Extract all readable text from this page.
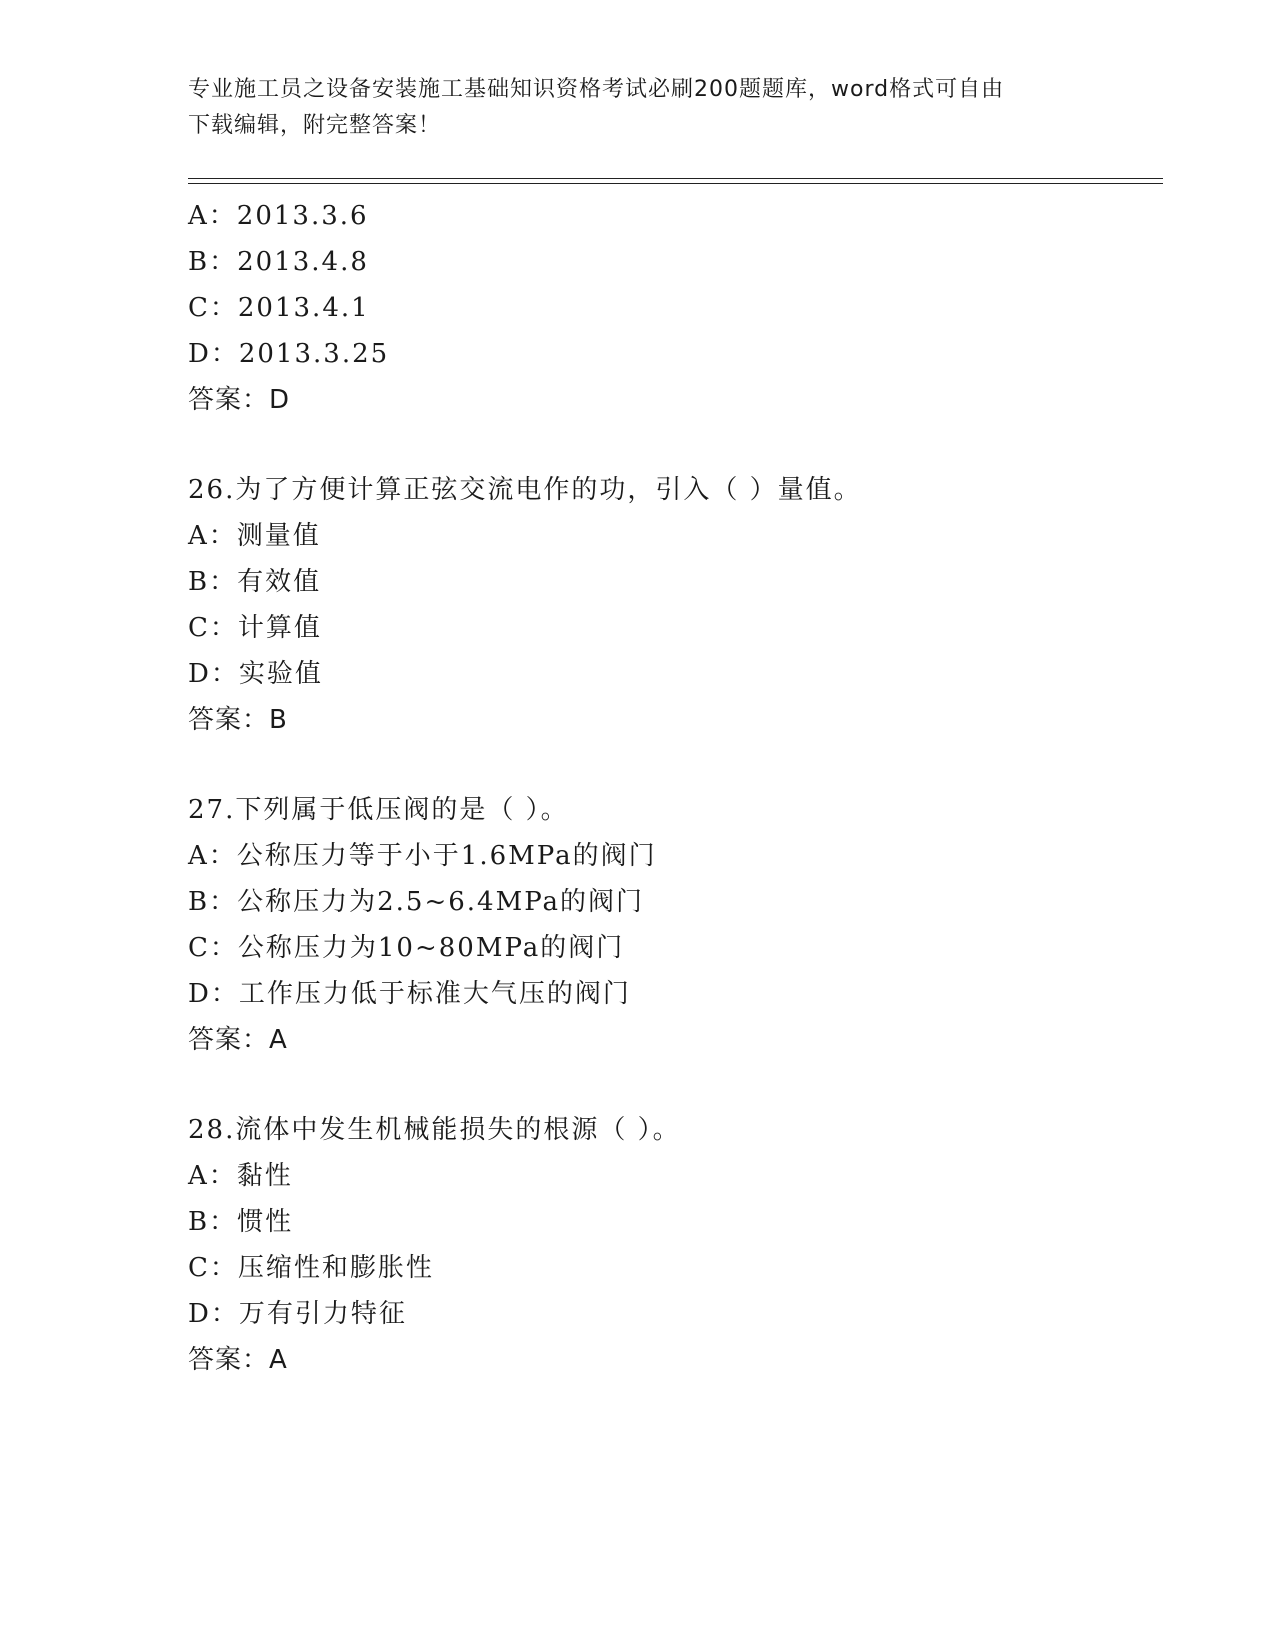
专业施工员之设备安装施工基础知识资格考试必刷200题题库，word格式可自由
下载编辑，附完整答案！
A：2013.3.6
B：2013.4.8
C：2013.4.1
D：2013.3.25
答案：D
26.为了方便计算正弦交流电作的功，引入（ ）量值。
A：测量值
B：有效值
C：计算值
D：实验值
答案：B
27.下列属于低压阀的是（ ）。
A：公称压力等于小于1.6MPa的阀门
B：公称压力为2.5~6.4MPa的阀门
C：公称压力为10~80MPa的阀门
D：工作压力低于标准大气压的阀门
答案：A
28.流体中发生机械能损失的根源（ ）。
A：黏性
B：惯性
C：压缩性和膨胀性
D：万有引力特征
答案：A
